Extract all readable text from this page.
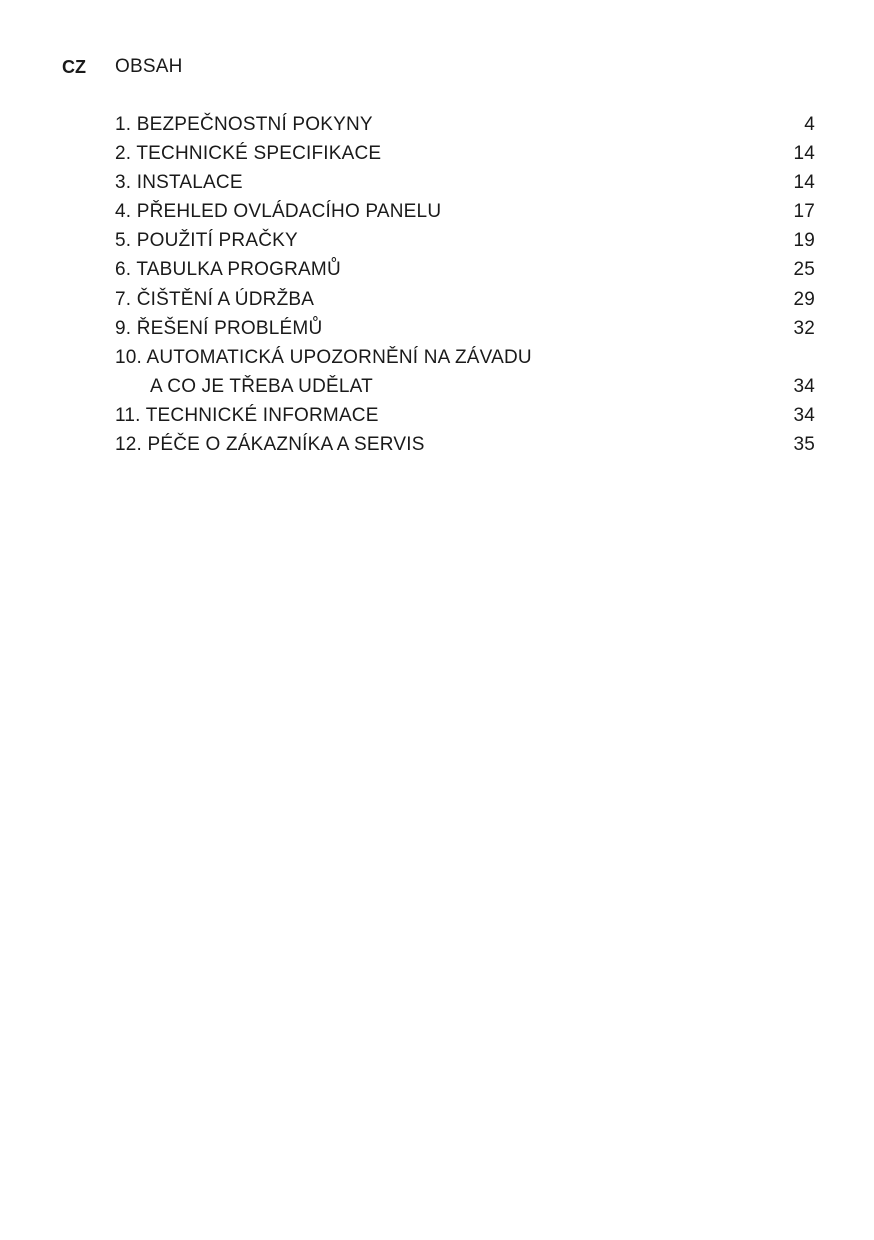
CZ OBSAH
1. BEZPEČNOSTNÍ POKYNY	4
2. TECHNICKÉ SPECIFIKACE	14
3. INSTALACE	14
4. PŘEHLED OVLÁDACÍHO PANELU	17
5. POUŽITÍ PRAČKY	19
6. TABULKA PROGRAMŮ	25
7. ČIŠTĚNÍ A ÚDRŽBA	29
9. ŘEŠENÍ PROBLÉMŮ	32
10. AUTOMATICKÁ UPOZORNĚNÍ NA ZÁVADU
A CO JE TŘEBA UDĚLAT	34
11. TECHNICKÉ INFORMACE	34
12. PÉČE O ZÁKAZNÍKA A SERVIS	35
